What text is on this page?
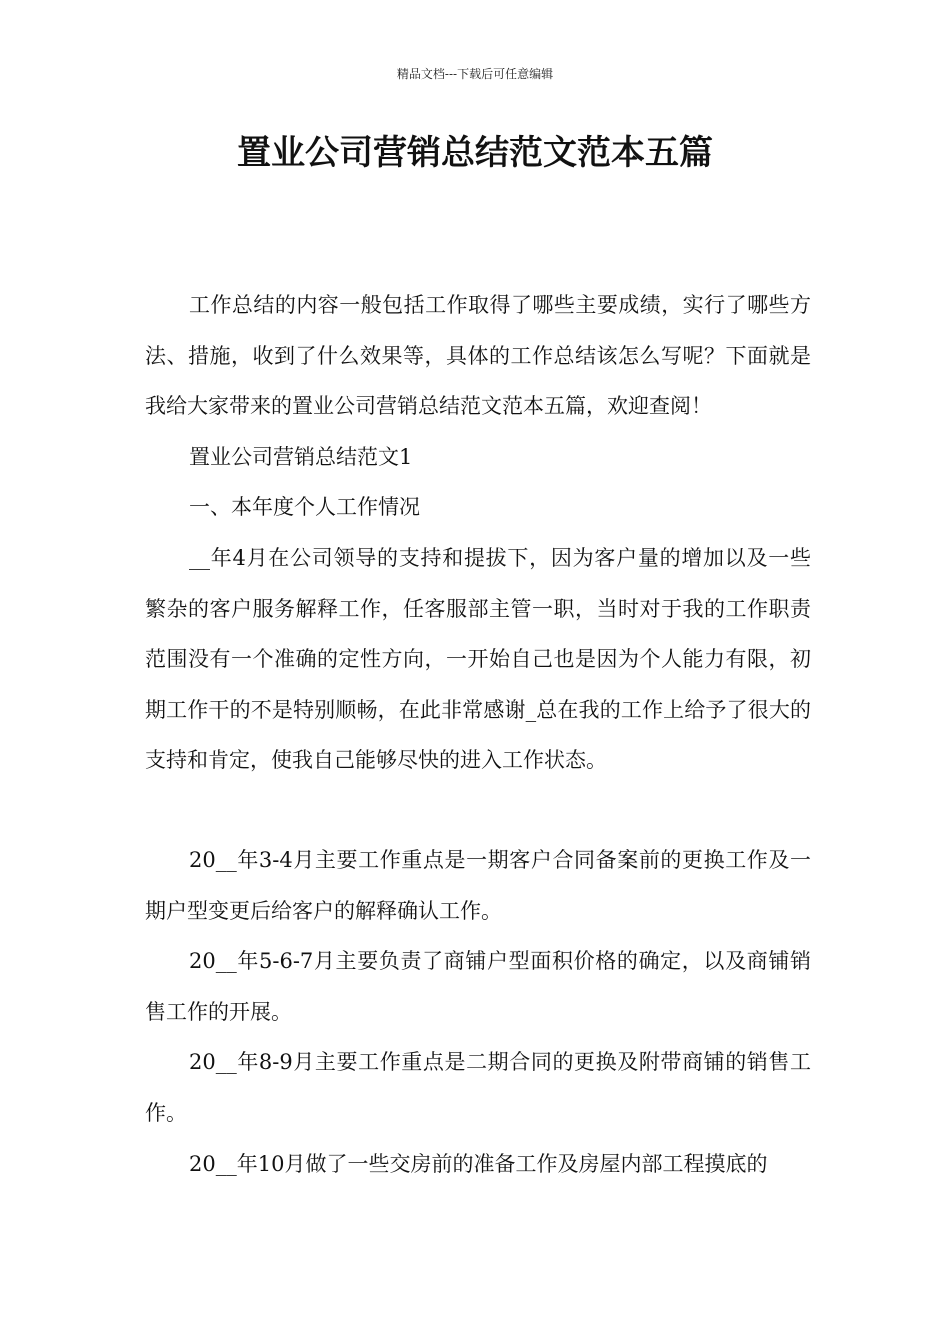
精品文档---下载后可任意编辑
置业公司营销总结范文范本五篇

工作总结的内容一般包括工作取得了哪些主要成绩，实行了哪些方法、措施，收到了什么效果等，具体的工作总结该怎么写呢？下面就是我给大家带来的置业公司营销总结范文范本五篇，欢迎查阅！

置业公司营销总结范文1

一、本年度个人工作情况

__年4月在公司领导的支持和提拔下，因为客户量的增加以及一些繁杂的客户服务解释工作，任客服部主管一职，当时对于我的工作职责范围没有一个准确的定性方向，一开始自己也是因为个人能力有限，初期工作干的不是特别顺畅，在此非常感谢_总在我的工作上给予了很大的支持和肯定，使我自己能够尽快的进入工作状态。

20__年3-4月主要工作重点是一期客户合同备案前的更换工作及一期户型变更后给客户的解释确认工作。

20__年5-6-7月主要负责了商铺户型面积价格的确定，以及商铺销售工作的开展。

20__年8-9月主要工作重点是二期合同的更换及附带商铺的销售工作。

20__年10月做了一些交房前的准备工作及房屋内部工程摸底的
